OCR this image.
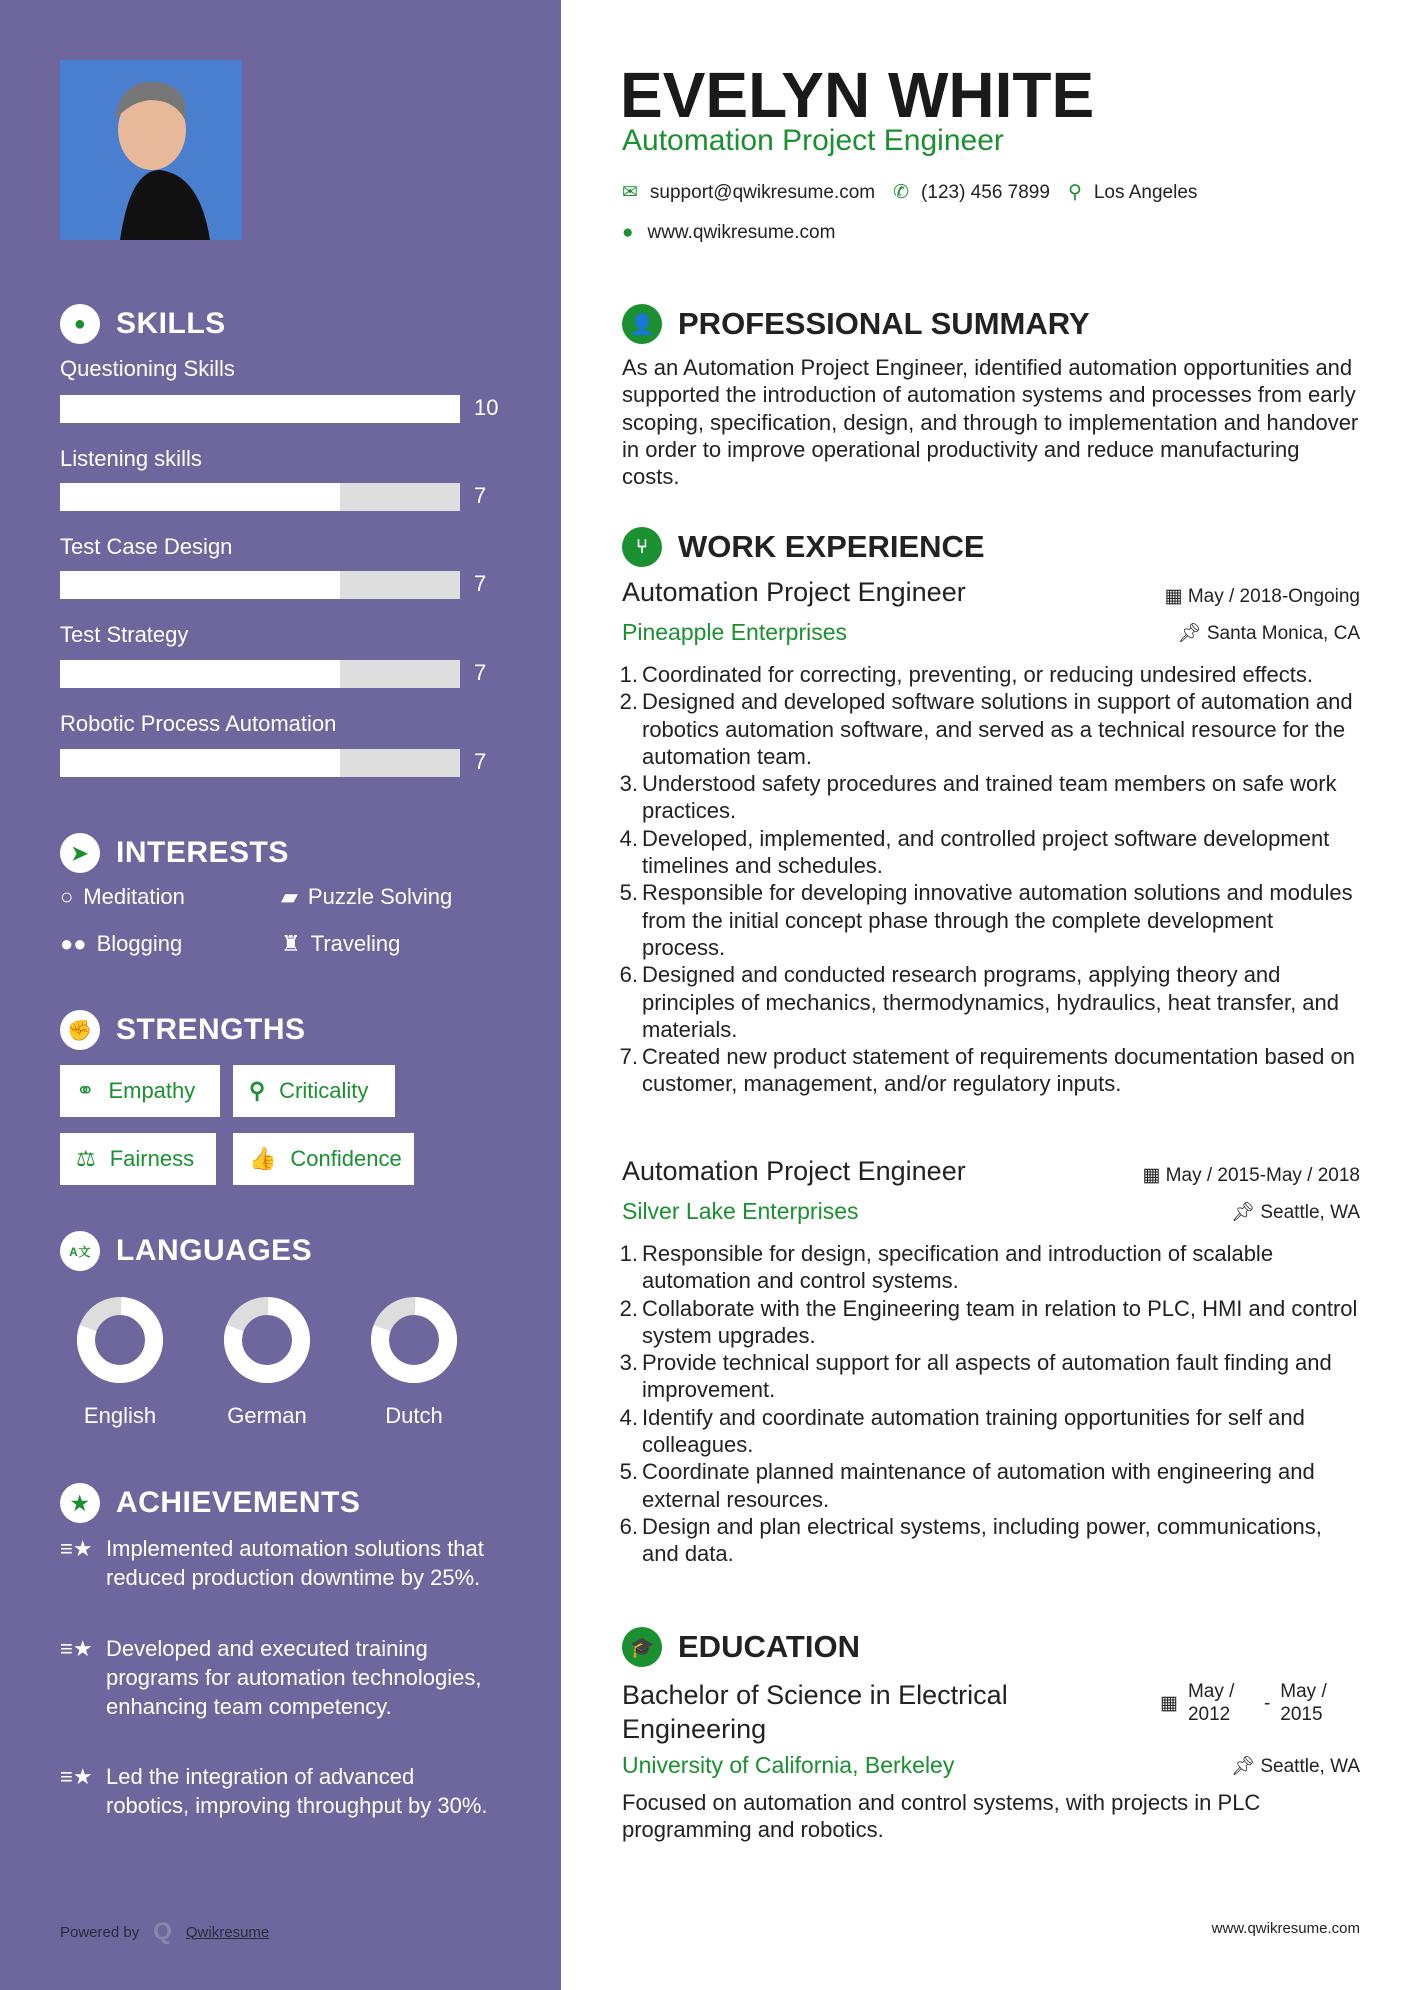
● SKILLS
Questioning Skills
10
Listening skills
7
Test Case Design
7
Test Strategy
7
Robotic Process Automation
7
➤ INTERESTS
○ Meditation	▰ Puzzle Solving
●● Blogging	♜ Traveling
✊ STRENGTHS
⚭ Empathy ⚲ Criticality
⚖ Fairness 👍 Confidence
A文 LANGUAGES
English	German	Dutch
★ ACHIEVEMENTS
≡★ Implemented automation solutions that reduced production downtime by 25%.
≡★ Developed and executed training programs for automation technologies, enhancing team competency.
≡★ Led the integration of advanced robotics, improving throughput by 30%.
Powered by Q Qwikresume
EVELYN WHITE
Automation Project Engineer
✉ support@qwikresume.com ✆ (123) 456 7899 ⚲ Los Angeles
● www.qwikresume.com
👤 PROFESSIONAL SUMMARY
As an Automation Project Engineer, identified automation opportunities and supported the introduction of automation systems and processes from early scoping, specification, design, and through to implementation and handover in order to improve operational productivity and reduce manufacturing costs.
⑂ WORK EXPERIENCE
Automation Project Engineer	▦ May / 2018-Ongoing
Pineapple Enterprises	📌︎ Santa Monica, CA
1. Coordinated for correcting, preventing, or reducing undesired effects.
2. Designed and developed software solutions in support of automation and robotics automation software, and served as a technical resource for the automation team.
3. Understood safety procedures and trained team members on safe work practices.
4. Developed, implemented, and controlled project software development timelines and schedules.
5. Responsible for developing innovative automation solutions and modules from the initial concept phase through the complete development process.
6. Designed and conducted research programs, applying theory and principles of mechanics, thermodynamics, hydraulics, heat transfer, and materials.
7. Created new product statement of requirements documentation based on customer, management, and/or regulatory inputs.
Automation Project Engineer	▦ May / 2015-May / 2018
Silver Lake Enterprises	📌︎ Seattle, WA
1. Responsible for design, specification and introduction of scalable automation and control systems.
2. Collaborate with the Engineering team in relation to PLC, HMI and control system upgrades.
3. Provide technical support for all aspects of automation fault finding and improvement.
4. Identify and coordinate automation training opportunities for self and colleagues.
5. Coordinate planned maintenance of automation with engineering and external resources.
6. Design and plan electrical systems, including power, communications, and data.
🎓 EDUCATION
Bachelor of Science in Electrical Engineering
▦
May / 2012
-
May / 2015
University of California, Berkeley	📌︎ Seattle, WA
Focused on automation and control systems, with projects in PLC programming and robotics.
www.qwikresume.com
